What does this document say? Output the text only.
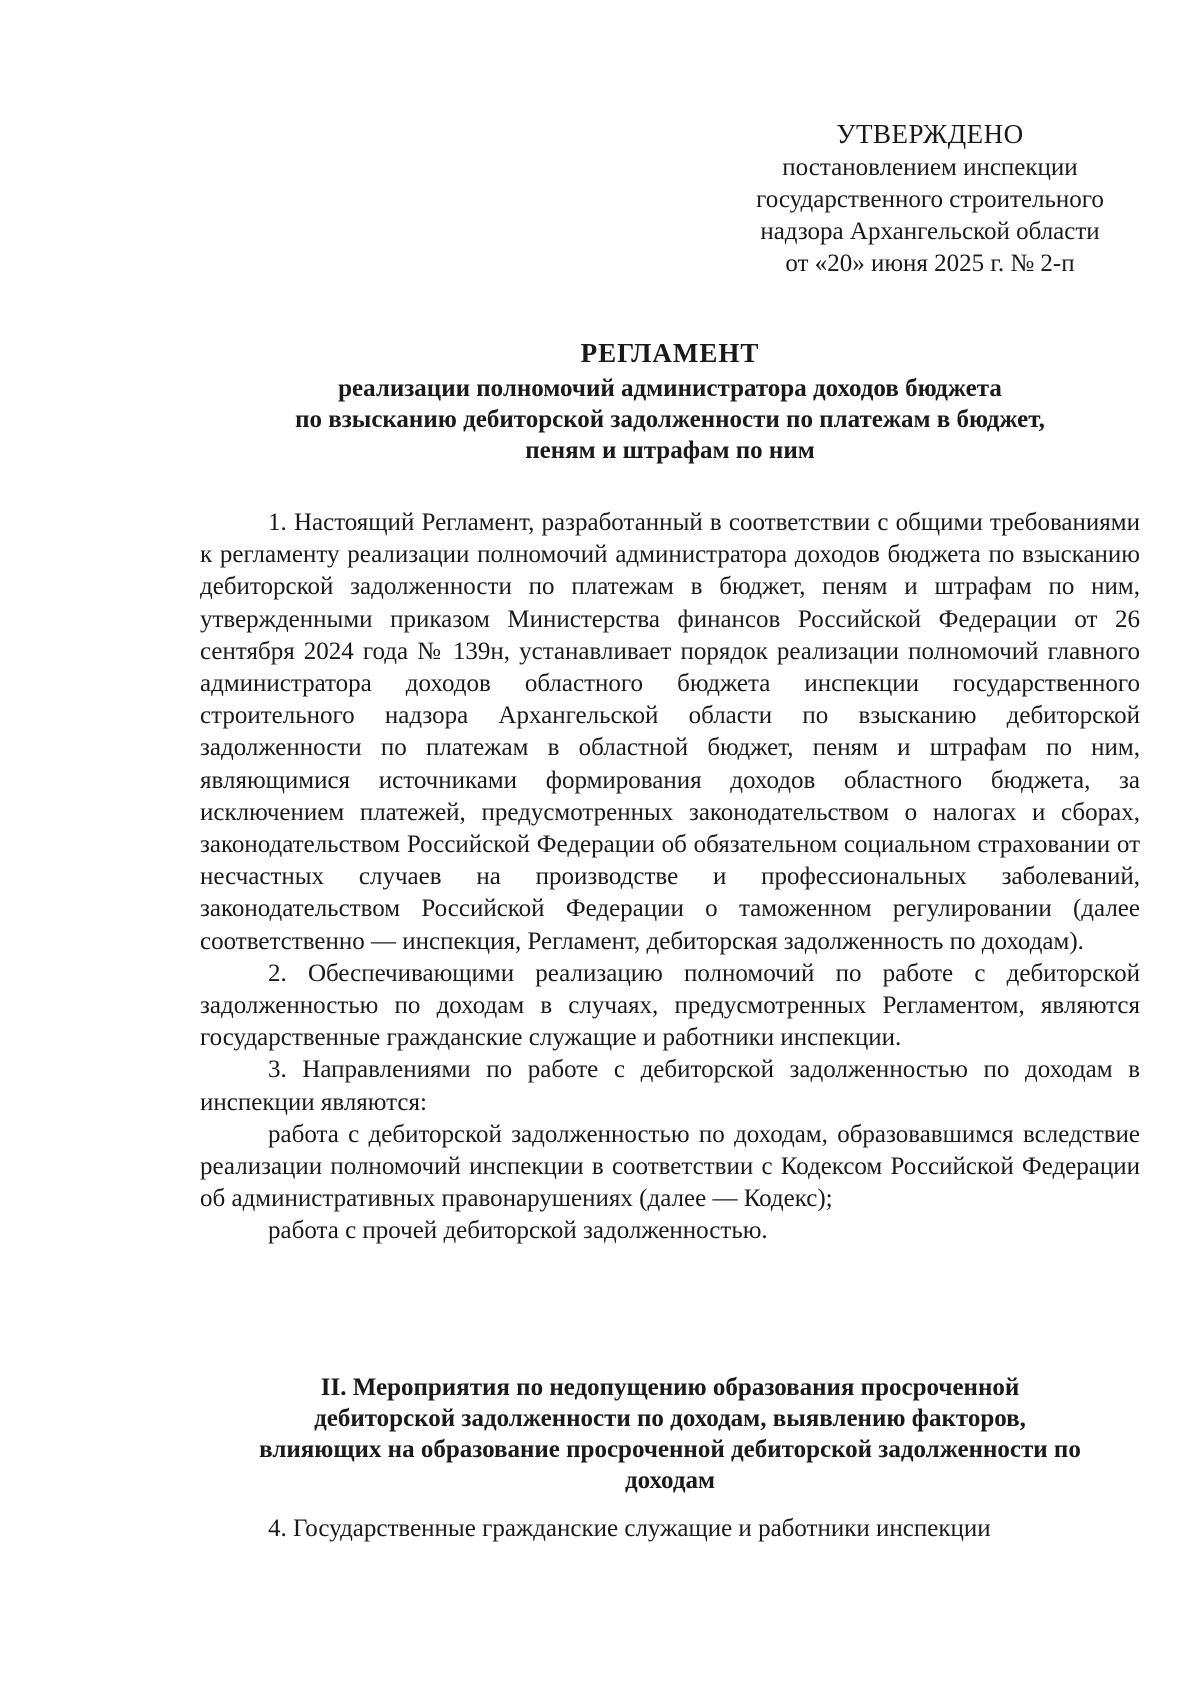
УТВЕРЖДЕНО
постановлением инспекции
государственного строительного
надзора Архангельской области
от «20» июня 2025 г. № 2-п
РЕГЛАМЕНТ
реализации полномочий администратора доходов бюджета
по взысканию дебиторской задолженности по платежам в бюджет,
пеням и штрафам по ним

1. Настоящий Регламент, разработанный в соответствии с общими требованиями к регламенту реализации полномочий администратора доходов бюджета по взысканию дебиторской задолженности по платежам в бюджет, пеням и штрафам по ним, утвержденными приказом Министерства финансов Российской Федерации от 26 сентября 2024 года № 139н, устанавливает порядок реализации полномочий главного администратора доходов областного бюджета инспекции государственного строительного надзора Архангельской области по взысканию дебиторской задолженности по платежам в областной бюджет, пеням и штрафам по ним, являющимися источниками формирования доходов областного бюджета, за исключением платежей, предусмотренных законодательством о налогах и сборах, законодательством Российской Федерации об обязательном социальном страховании от несчастных случаев на производстве и профессиональных заболеваний, законодательством Российской Федерации о таможенном регулировании (далее соответственно — инспекция, Регламент, дебиторская задолженность по доходам).

2. Обеспечивающими реализацию полномочий по работе с дебиторской задолженностью по доходам в случаях, предусмотренных Регламентом, являются государственные гражданские служащие и работники инспекции.

3. Направлениями по работе с дебиторской задолженностью по доходам в инспекции являются:

работа с дебиторской задолженностью по доходам, образовавшимся вследствие реализации полномочий инспекции в соответствии с Кодексом Российской Федерации об административных правонарушениях (далее — Кодекс);

работа с прочей дебиторской задолженностью.

II. Мероприятия по недопущению образования просроченной
дебиторской задолженности по доходам, выявлению факторов,
влияющих на образование просроченной дебиторской задолженности по
доходам

4. Государственные гражданские служащие и работники инспекции
